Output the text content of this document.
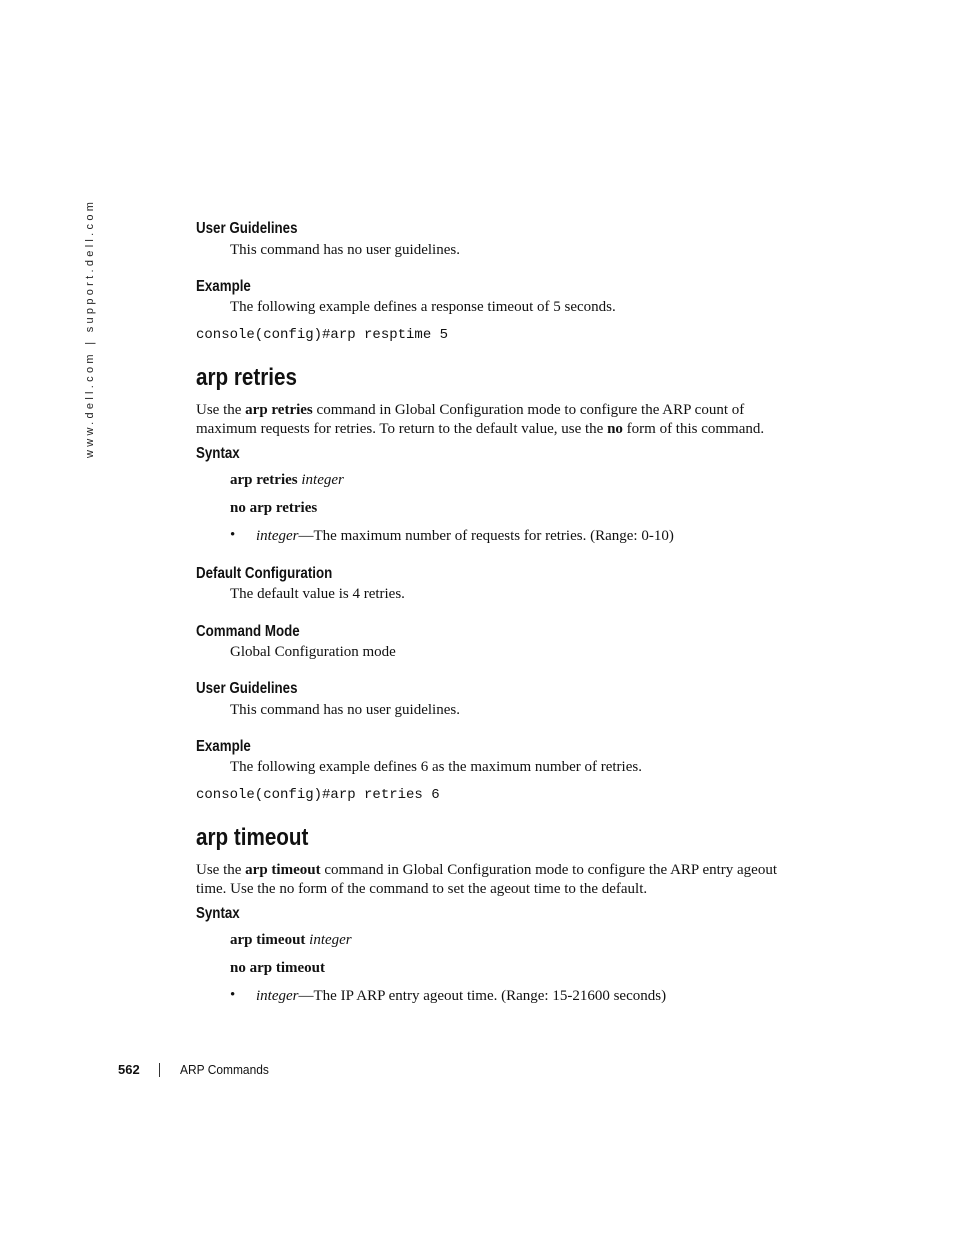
www.dell.com | support.dell.com	User Guidelines

This command has no user guidelines.

Example

The following example defines a response timeout of 5 seconds.

console(config)#arp resptime 5
arp retries

Use the arp retries command in Global Configuration mode to configure the ARP count of

maximum requests for retries. To return to the default value, use the no form of this command.

Syntax

arp retries integer

no arp retries

• integer—The maximum number of requests for retries. (Range: 0-10)

Default Configuration

The default value is 4 retries.

Command Mode

Global Configuration mode

User Guidelines

This command has no user guidelines.

Example

The following example defines 6 as the maximum number of retries.

console(config)#arp retries 6
arp timeout

Use the arp timeout command in Global Configuration mode to configure the ARP entry ageout

time. Use the no form of the command to set the ageout time to the default.

Syntax

arp timeout integer

no arp timeout

• integer—The IP ARP entry ageout time. (Range: 15-21600 seconds)

562	ARP Commands
